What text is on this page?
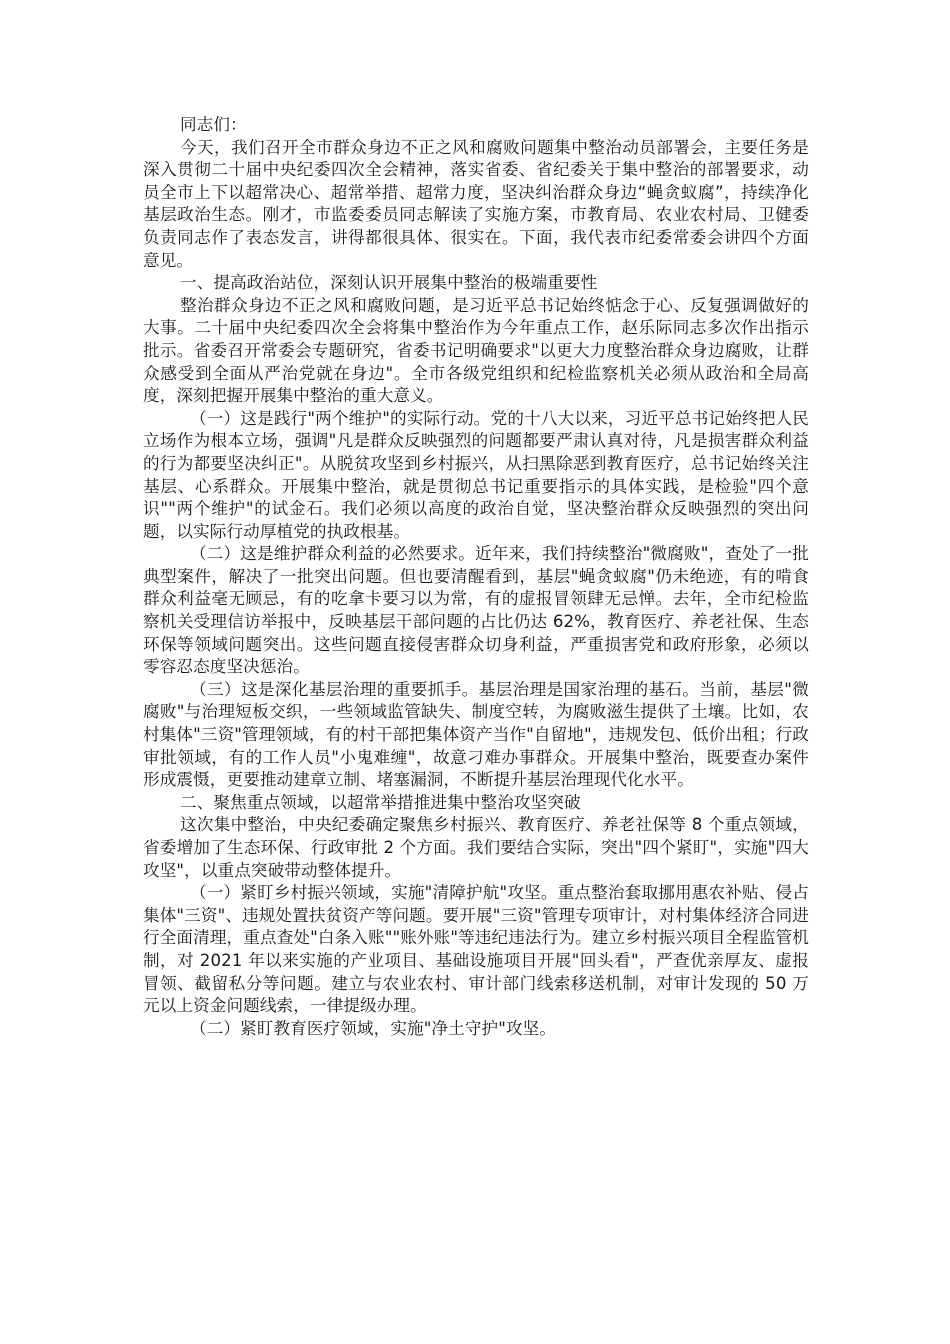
同志们：

今天，我们召开全市群众身边不正之风和腐败问题集中整治动员部署会，主要任务是深入贯彻二十届中央纪委四次全会精神，落实省委、省纪委关于集中整治的部署要求，动员全市上下以超常决心、超常举措、超常力度，坚决纠治群众身边“蝇贪蚁腐”，持续净化基层政治生态。刚才，市监委委员同志解读了实施方案，市教育局、农业农村局、卫健委负责同志作了表态发言，讲得都很具体、很实在。下面，我代表市纪委常委会讲四个方面意见。

一、提高政治站位，深刻认识开展集中整治的极端重要性

整治群众身边不正之风和腐败问题，是习近平总书记始终惦念于心、反复强调做好的大事。二十届中央纪委四次全会将集中整治作为今年重点工作，赵乐际同志多次作出指示批示。省委召开常委会专题研究，省委书记明确要求"以更大力度整治群众身边腐败，让群众感受到全面从严治党就在身边"。全市各级党组织和纪检监察机关必须从政治和全局高度，深刻把握开展集中整治的重大意义。

（一）这是践行"两个维护"的实际行动。党的十八大以来，习近平总书记始终把人民立场作为根本立场，强调"凡是群众反映强烈的问题都要严肃认真对待，凡是损害群众利益的行为都要坚决纠正"。从脱贫攻坚到乡村振兴，从扫黑除恶到教育医疗，总书记始终关注基层、心系群众。开展集中整治，就是贯彻总书记重要指示的具体实践，是检验"四个意识""两个维护"的试金石。我们必须以高度的政治自觉，坚决整治群众反映强烈的突出问题，以实际行动厚植党的执政根基。

（二）这是维护群众利益的必然要求。近年来，我们持续整治"微腐败"，查处了一批典型案件，解决了一批突出问题。但也要清醒看到，基层"蝇贪蚁腐"仍未绝迹，有的啃食群众利益毫无顾忌，有的吃拿卡要习以为常，有的虚报冒领肆无忌惮。去年，全市纪检监察机关受理信访举报中，反映基层干部问题的占比仍达 62%，教育医疗、养老社保、生态环保等领域问题突出。这些问题直接侵害群众切身利益，严重损害党和政府形象，必须以零容忍态度坚决惩治。

（三）这是深化基层治理的重要抓手。基层治理是国家治理的基石。当前，基层"微腐败"与治理短板交织，一些领域监管缺失、制度空转，为腐败滋生提供了土壤。比如，农村集体"三资"管理领域，有的村干部把集体资产当作"自留地"，违规发包、低价出租；行政审批领域，有的工作人员"小鬼难缠"，故意刁难办事群众。开展集中整治，既要查办案件形成震慑，更要推动建章立制、堵塞漏洞，不断提升基层治理现代化水平。

二、聚焦重点领域，以超常举措推进集中整治攻坚突破

这次集中整治，中央纪委确定聚焦乡村振兴、教育医疗、养老社保等 8 个重点领域，省委增加了生态环保、行政审批 2 个方面。我们要结合实际，突出"四个紧盯"，实施"四大攻坚"，以重点突破带动整体提升。

（一）紧盯乡村振兴领域，实施"清障护航"攻坚。重点整治套取挪用惠农补贴、侵占集体"三资"、违规处置扶贫资产等问题。要开展"三资"管理专项审计，对村集体经济合同进行全面清理，重点查处"白条入账""账外账"等违纪违法行为。建立乡村振兴项目全程监管机制，对 2021 年以来实施的产业项目、基础设施项目开展"回头看"，严查优亲厚友、虚报冒领、截留私分等问题。建立与农业农村、审计部门线索移送机制，对审计发现的 50 万元以上资金问题线索，一律提级办理。

（二）紧盯教育医疗领域，实施"净土守护"攻坚。
